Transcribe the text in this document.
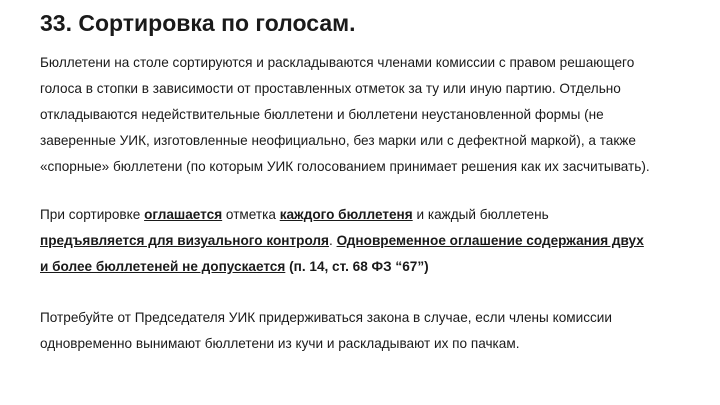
33. Сортировка по голосам.
Бюллетени на столе сортируются и раскладываются членами комиссии с правом решающего
голоса в стопки в зависимости от проставленных отметок за ту или иную партию. Отдельно
откладываются недействительные бюллетени и бюллетени неустановленной формы (не
заверенные УИК, изготовленные неофициально, без марки или с дефектной маркой), а также
«спорные» бюллетени (по которым УИК голосованием принимает решения как их засчитывать).
При сортировке оглашается отметка каждого бюллетеня и каждый бюллетень
предъявляется для визуального контроля. Одновременное оглашение содержания двух
и более бюллетеней не допускается (п. 14, ст. 68 ФЗ “67”)
Потребуйте от Председателя УИК придерживаться закона в случае, если члены комиссии
одновременно вынимают бюллетени из кучи и раскладывают их по пачкам.
